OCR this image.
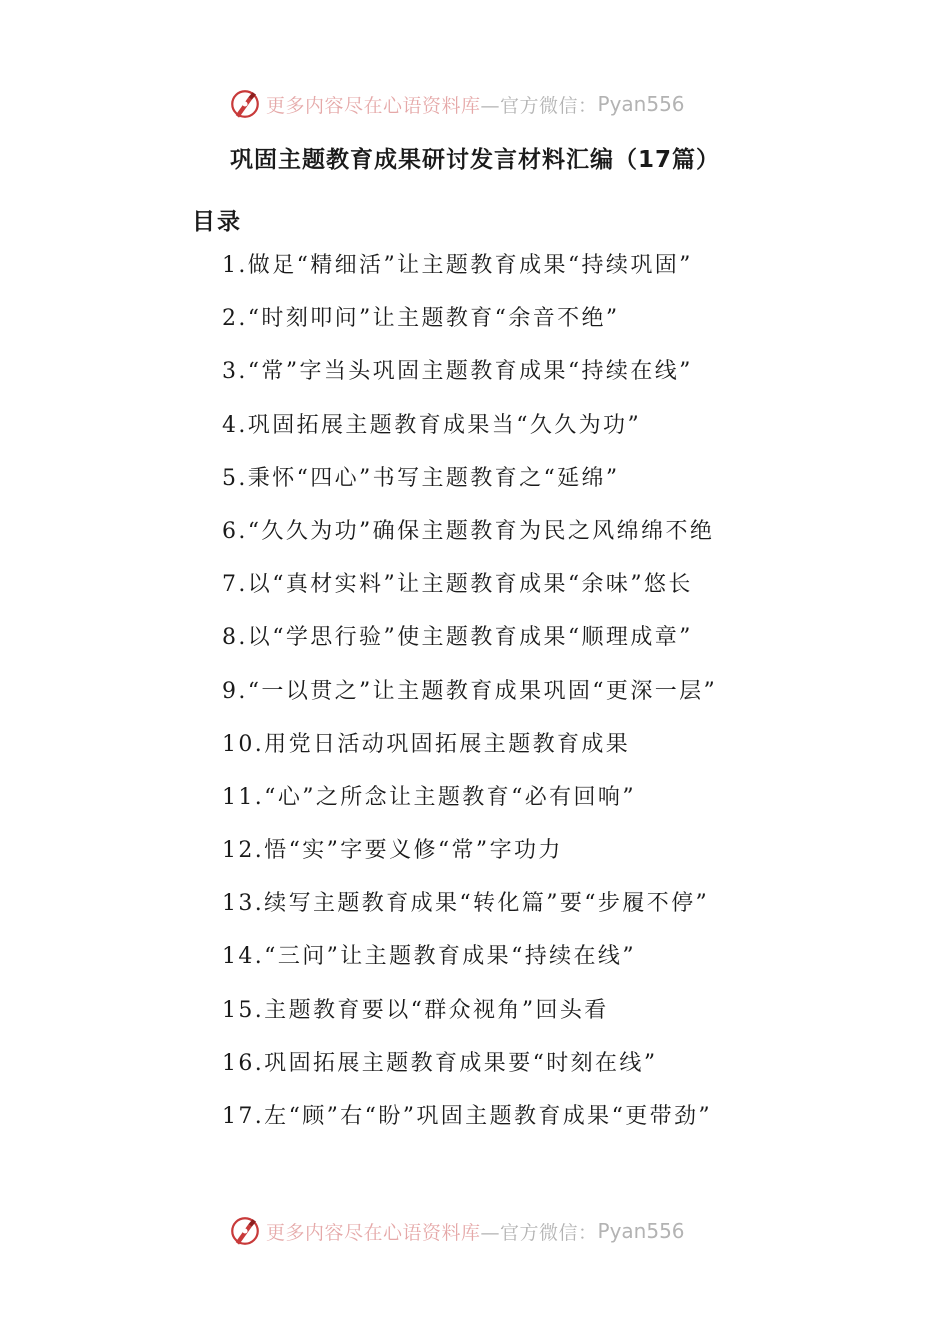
更多内容尽在心语资料库—官方微信： Pyan556
巩固主题教育成果研讨发言材料汇编（17篇）
目录
1.做足“精细活”让主题教育成果“持续巩固”
2.“时刻叩问”让主题教育“余音不绝”
3.“常”字当头巩固主题教育成果“持续在线”
4.巩固拓展主题教育成果当“久久为功”
5.秉怀“四心”书写主题教育之“延绵”
6.“久久为功”确保主题教育为民之风绵绵不绝
7.以“真材实料”让主题教育成果“余味”悠长
8.以“学思行验”使主题教育成果“顺理成章”
9.“一以贯之”让主题教育成果巩固“更深一层”
10.用党日活动巩固拓展主题教育成果
11.“心”之所念让主题教育“必有回响”
12.悟“实”字要义修“常”字功力
13.续写主题教育成果“转化篇”要“步履不停”
14.“三问”让主题教育成果“持续在线”
15.主题教育要以“群众视角”回头看
16.巩固拓展主题教育成果要“时刻在线”
17.左“顾”右“盼”巩固主题教育成果“更带劲”
更多内容尽在心语资料库—官方微信： Pyan556
